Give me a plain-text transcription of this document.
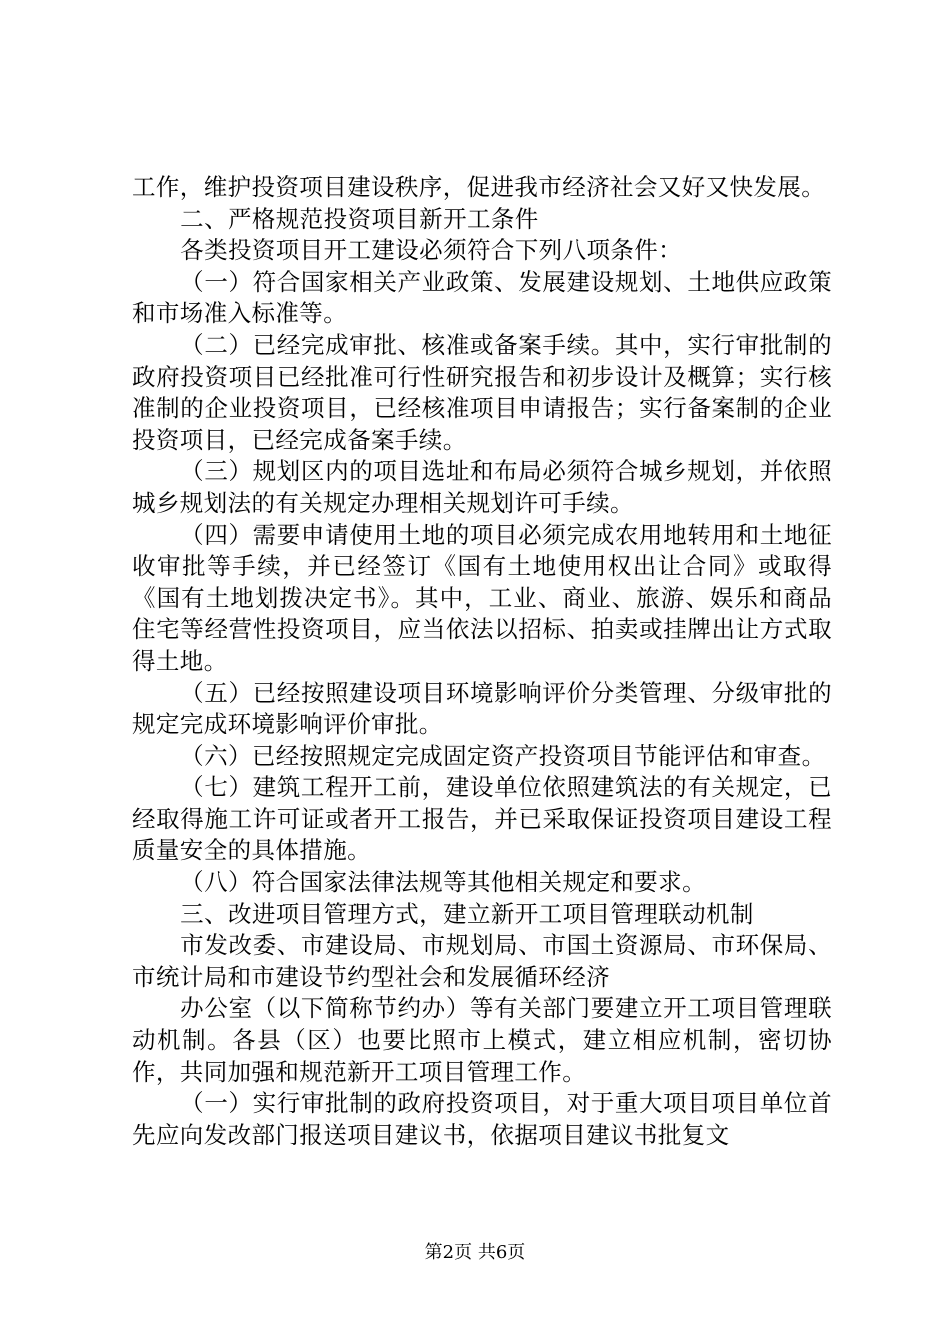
工作，维护投资项目建设秩序，促进我市经济社会又好又快发展。

二、严格规范投资项目新开工条件

各类投资项目开工建设必须符合下列八项条件：

（一）符合国家相关产业政策、发展建设规划、土地供应政策和市场准入标准等。

（二）已经完成审批、核准或备案手续。其中，实行审批制的政府投资项目已经批准可行性研究报告和初步设计及概算；实行核准制的企业投资项目，已经核准项目申请报告；实行备案制的企业投资项目，已经完成备案手续。

（三）规划区内的项目选址和布局必须符合城乡规划，并依照城乡规划法的有关规定办理相关规划许可手续。

（四）需要申请使用土地的项目必须完成农用地转用和土地征收审批等手续，并已经签订《国有土地使用权出让合同》或取得《国有土地划拨决定书》。其中，工业、商业、旅游、娱乐和商品住宅等经营性投资项目，应当依法以招标、拍卖或挂牌出让方式取得土地。

（五）已经按照建设项目环境影响评价分类管理、分级审批的规定完成环境影响评价审批。

（六）已经按照规定完成固定资产投资项目节能评估和审查。

（七）建筑工程开工前，建设单位依照建筑法的有关规定，已经取得施工许可证或者开工报告，并已采取保证投资项目建设工程质量安全的具体措施。

（八）符合国家法律法规等其他相关规定和要求。

三、改进项目管理方式，建立新开工项目管理联动机制

市发改委、市建设局、市规划局、市国土资源局、市环保局、市统计局和市建设节约型社会和发展循环经济

办公室（以下简称节约办）等有关部门要建立开工项目管理联动机制。各县（区）也要比照市上模式，建立相应机制，密切协作，共同加强和规范新开工项目管理工作。

（一）实行审批制的政府投资项目，对于重大项目项目单位首先应向发改部门报送项目建议书，依据项目建议书批复文

第2页 共6页
